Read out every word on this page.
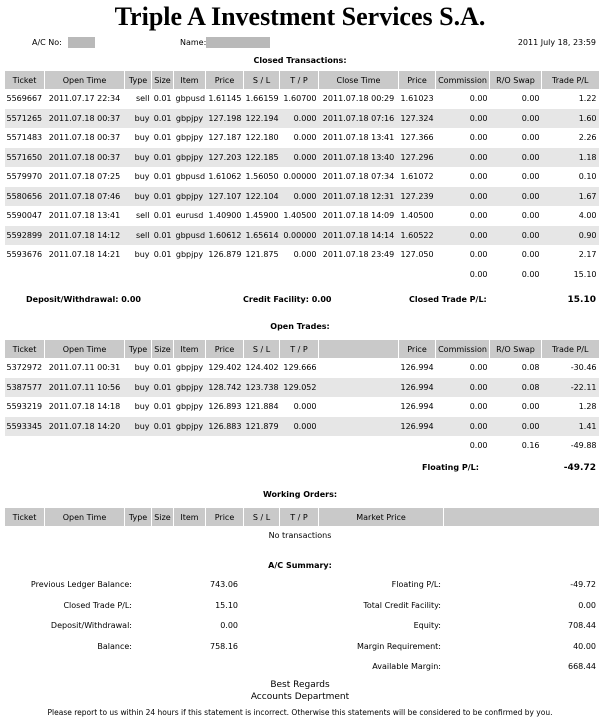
Triple A Investment Services S.A.
A/C No:	Name:	2011 July 18, 23:59
Closed Transactions:
Ticket	Open Time	Type	Size	Item	Price	S / L	T / P	Close Time	Price	Commission	R/O Swap	Trade P/L
5569667	2011.07.17 22:34	sell	0.01	gbpusd	1.61145	1.66159	1.60700	2011.07.18 00:29	1.61023	0.00	0.00	1.22
5571265	2011.07.18 00:37	buy	0.01	gbpjpy	127.198	122.194	0.000	2011.07.18 07:16	127.324	0.00	0.00	1.60
5571483	2011.07.18 00:37	buy	0.01	gbpjpy	127.187	122.180	0.000	2011.07.18 13:41	127.366	0.00	0.00	2.26
5571650	2011.07.18 00:37	buy	0.01	gbpjpy	127.203	122.185	0.000	2011.07.18 13:40	127.296	0.00	0.00	1.18
5579970	2011.07.18 07:25	buy	0.01	gbpusd	1.61062	1.56050	0.00000	2011.07.18 07:34	1.61072	0.00	0.00	0.10
5580656	2011.07.18 07:46	buy	0.01	gbpjpy	127.107	122.104	0.000	2011.07.18 12:31	127.239	0.00	0.00	1.67
5590047	2011.07.18 13:41	sell	0.01	eurusd	1.40900	1.45900	1.40500	2011.07.18 14:09	1.40500	0.00	0.00	4.00
5592899	2011.07.18 14:12	sell	0.01	gbpusd	1.60612	1.65614	0.00000	2011.07.18 14:14	1.60522	0.00	0.00	0.90
5593676	2011.07.18 14:21	buy	0.01	gbpjpy	126.879	121.875	0.000	2011.07.18 23:49	127.050	0.00	0.00	2.17
										0.00	0.00	15.10
Deposit/Withdrawal: 0.00	Credit Facility: 0.00	Closed Trade P/L:	15.10
Open Trades:
Ticket	Open Time	Type	Size	Item	Price	S / L	T / P		Price	Commission	R/O Swap	Trade P/L
5372972	2011.07.11 00:31	buy	0.01	gbpjpy	129.402	124.402	129.666		126.994	0.00	0.08	-30.46
5387577	2011.07.11 10:56	buy	0.01	gbpjpy	128.742	123.738	129.052		126.994	0.00	0.08	-22.11
5593219	2011.07.18 14:18	buy	0.01	gbpjpy	126.893	121.884	0.000		126.994	0.00	0.00	1.28
5593345	2011.07.18 14:20	buy	0.01	gbpjpy	126.883	121.879	0.000		126.994	0.00	0.00	1.41
										0.00	0.16	-49.88
Floating P/L:	-49.72
Working Orders:
Ticket	Open Time	Type	Size	Item	Price	S / L	T / P	Market Price	
No transactions
A/C Summary:
Previous Ledger Balance:	743.06
Closed Trade P/L:	15.10
Deposit/Withdrawal:	0.00
Balance:	758.16
Floating P/L:	-49.72
Total Credit Facility:	0.00
Equity:	708.44
Margin Requirement:	40.00
Available Margin:	668.44
Best Regards
Accounts Department
Please report to us within 24 hours if this statement is incorrect. Otherwise this statements will be considered to be confirmed by you.
